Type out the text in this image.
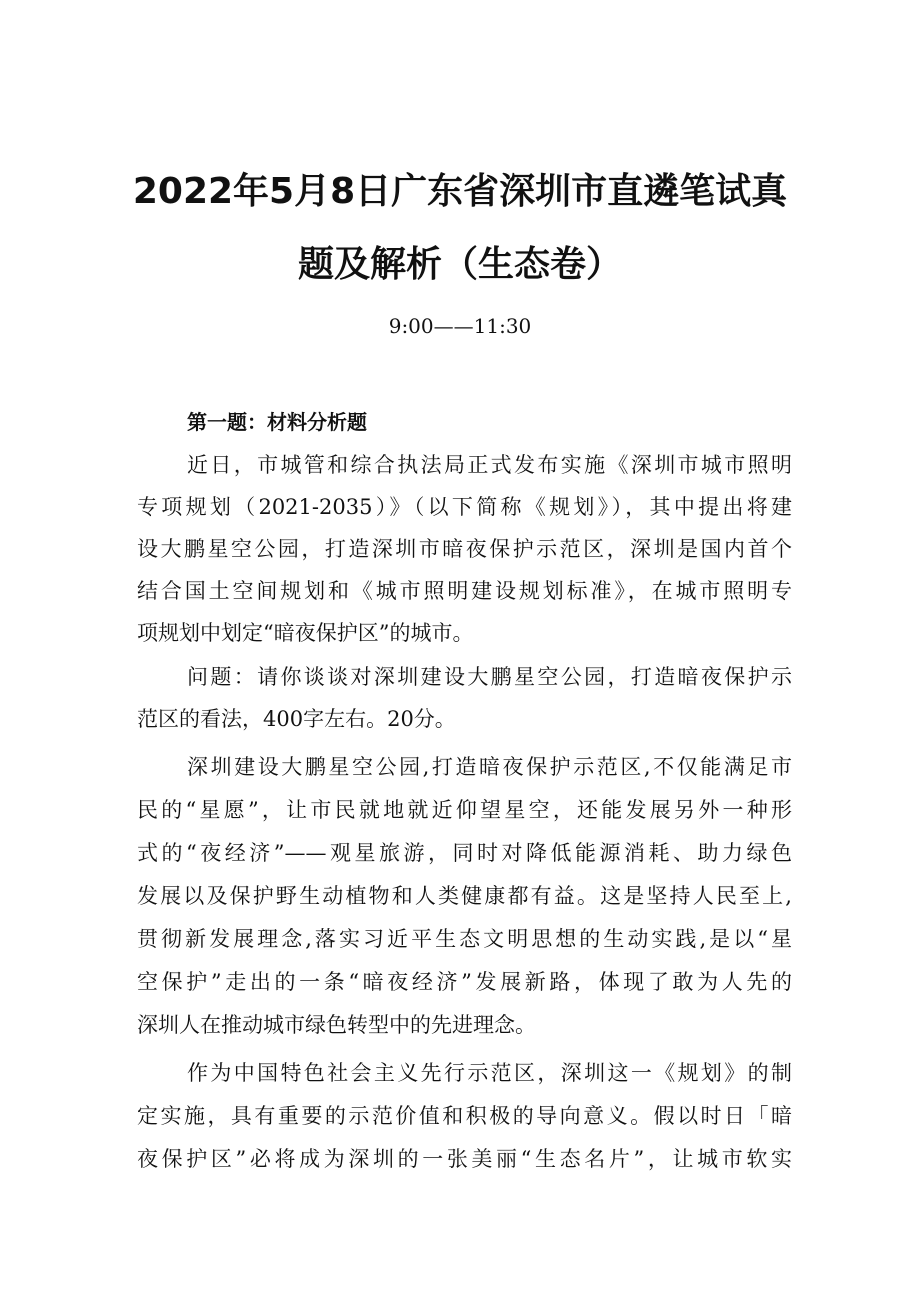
2022年5月8日广东省深圳市直遴笔试真
题及解析（生态卷）
9:00——11:30
第一题：材料分析题
近日，市城管和综合执法局正式发布实施《深圳市城市照明
专项规划（2021-2035）》（以下简称《规划》），其中提出将建
设大鹏星空公园，打造深圳市暗夜保护示范区，深圳是国内首个
结合国土空间规划和《城市照明建设规划标准》，在城市照明专
项规划中划定“暗夜保护区”的城市。
问题：请你谈谈对深圳建设大鹏星空公园，打造暗夜保护示
范区的看法，400字左右。20分。
深圳建设大鹏星空公园,打造暗夜保护示范区,不仅能满足市
民的“星愿”，让市民就地就近仰望星空，还能发展另外一种形
式的“夜经济”——观星旅游，同时对降低能源消耗、助力绿色
发展以及保护野生动植物和人类健康都有益。这是坚持人民至上,
贯彻新发展理念,落实习近平生态文明思想的生动实践,是以“星
空保护”走出的一条“暗夜经济”发展新路，体现了敢为人先的
深圳人在推动城市绿色转型中的先进理念。
作为中国特色社会主义先行示范区，深圳这一《规划》的制
定实施，具有重要的示范价值和积极的导向意义。假以时日「暗
夜保护区”必将成为深圳的一张美丽“生态名片”，让城市软实
